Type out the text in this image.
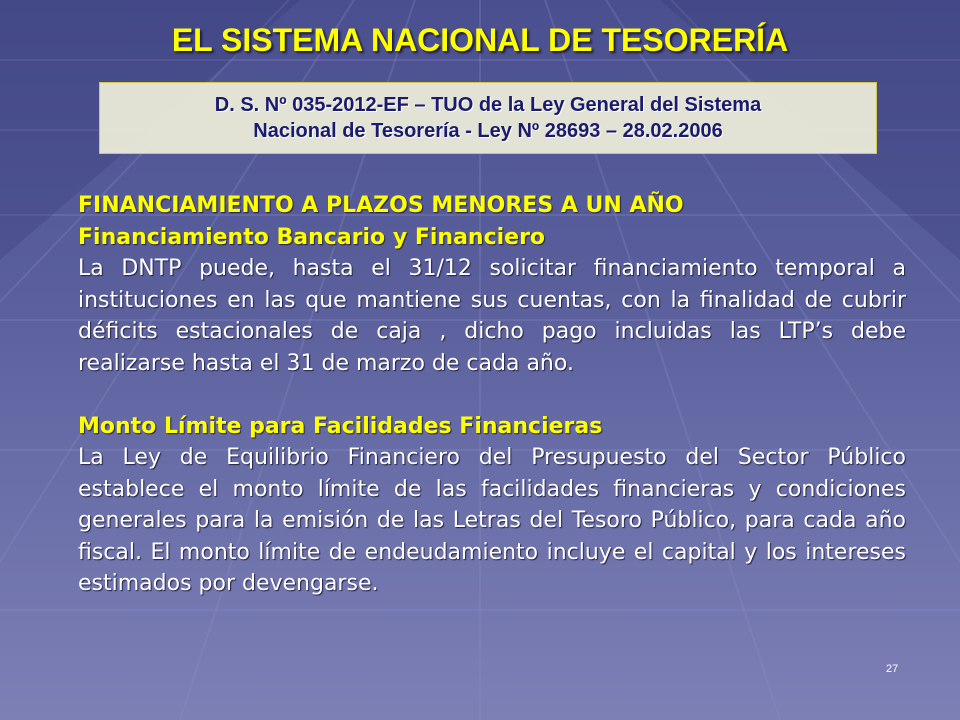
EL SISTEMA NACIONAL DE TESORERÍA
D. S. Nº 035-2012-EF – TUO de la Ley General del Sistema
Nacional de Tesorería - Ley Nº 28693 – 28.02.2006

FINANCIAMIENTO A PLAZOS MENORES A UN AÑO

Financiamiento Bancario y Financiero

La DNTP puede, hasta el 31/12 solicitar financiamiento temporal a instituciones en las que mantiene sus cuentas, con la finalidad de cubrir déficits estacionales de caja , dicho pago incluidas las LTP’s debe realizarse hasta el 31 de marzo de cada año.

Monto Límite para Facilidades Financieras

La Ley de Equilibrio Financiero del Presupuesto del Sector Público establece el monto límite de las facilidades financieras y condiciones generales para la emisión de las Letras del Tesoro Público, para cada año fiscal. El monto límite de endeudamiento incluye el capital y los intereses estimados por devengarse.

27
